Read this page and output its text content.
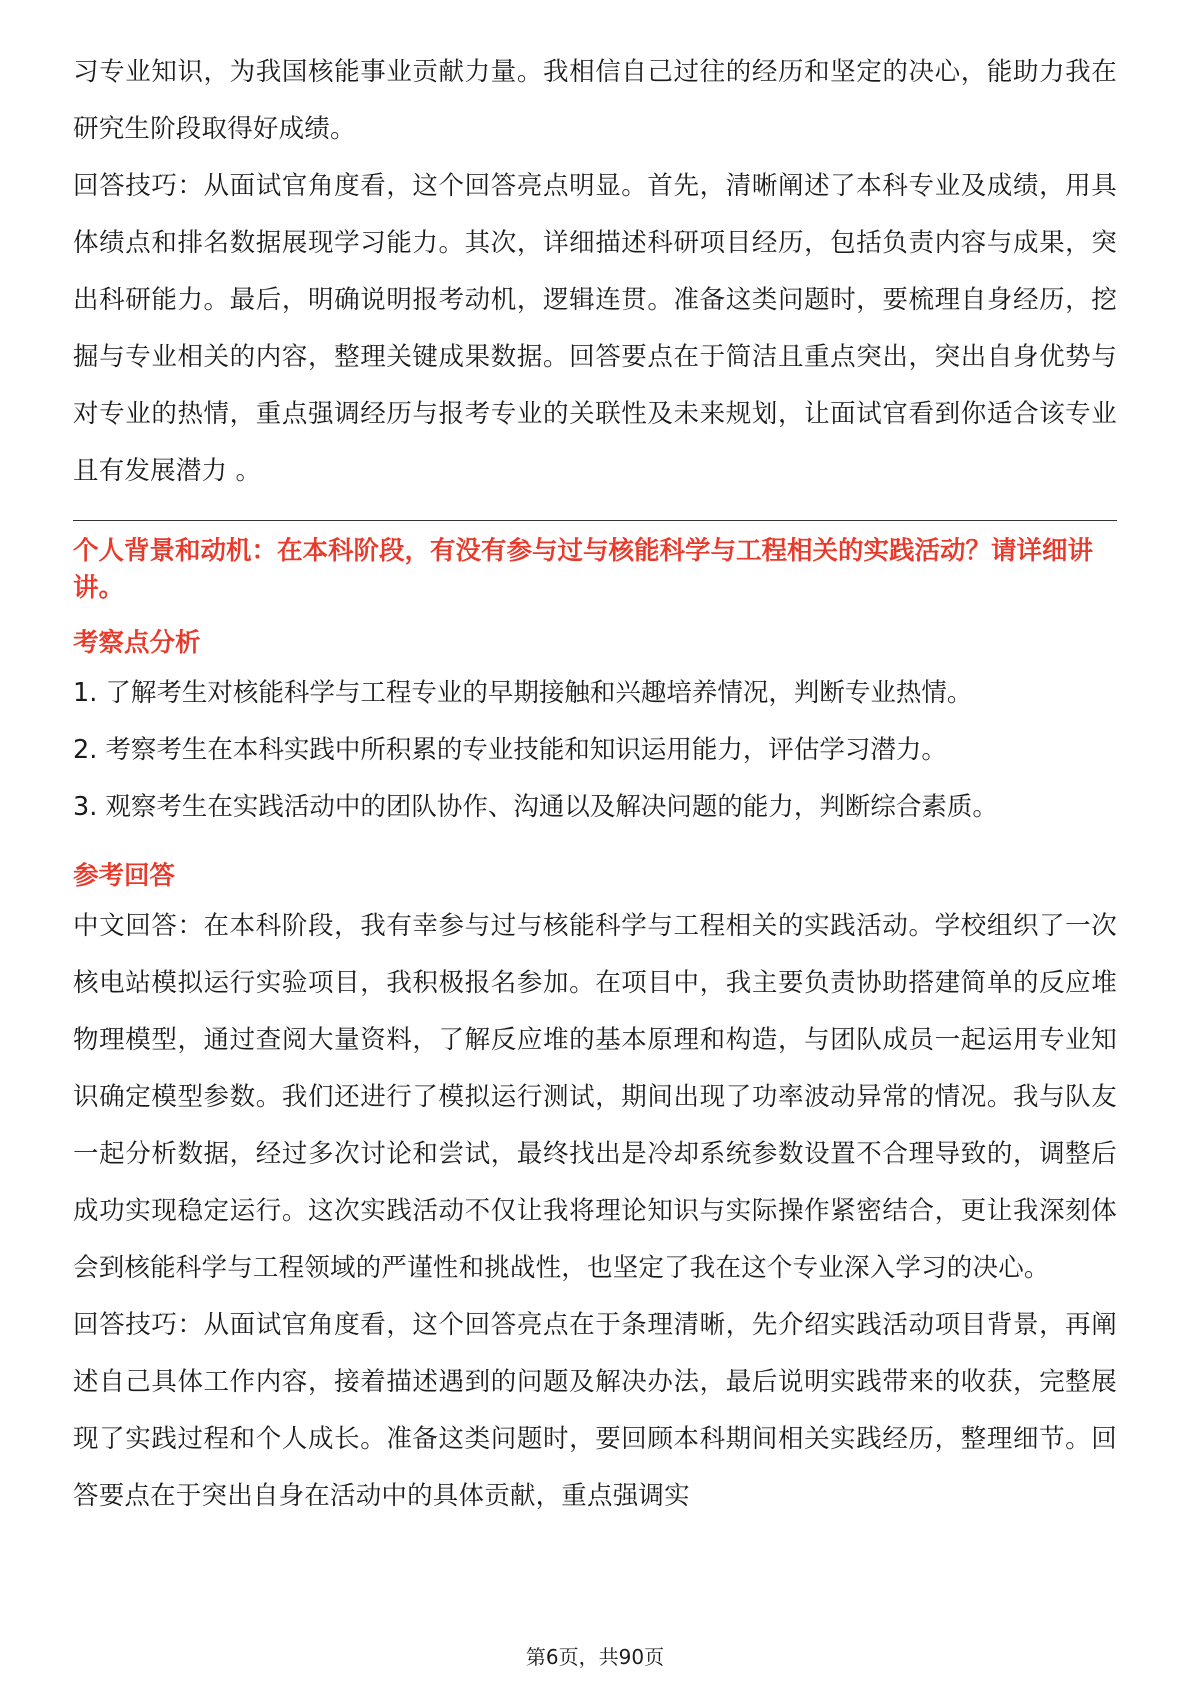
习专业知识，为我国核能事业贡献力量。我相信自己过往的经历和坚定的决心，能助力我在研究生阶段取得好成绩。

回答技巧：从面试官角度看，这个回答亮点明显。首先，清晰阐述了本科专业及成绩，用具体绩点和排名数据展现学习能力。其次，详细描述科研项目经历，包括负责内容与成果，突出科研能力。最后，明确说明报考动机，逻辑连贯。准备这类问题时，要梳理自身经历，挖掘与专业相关的内容，整理关键成果数据。回答要点在于简洁且重点突出，突出自身优势与对专业的热情，重点强调经历与报考专业的关联性及未来规划，让面试官看到你适合该专业且有发展潜力 。

个人背景和动机：在本科阶段，有没有参与过与核能科学与工程相关的实践活动？请详细讲讲。

考察点分析

1. 了解考生对核能科学与工程专业的早期接触和兴趣培养情况，判断专业热情。

2. 考察考生在本科实践中所积累的专业技能和知识运用能力，评估学习潜力。

3. 观察考生在实践活动中的团队协作、沟通以及解决问题的能力，判断综合素质。

参考回答

中文回答：在本科阶段，我有幸参与过与核能科学与工程相关的实践活动。学校组织了一次核电站模拟运行实验项目，我积极报名参加。在项目中，我主要负责协助搭建简单的反应堆物理模型，通过查阅大量资料，了解反应堆的基本原理和构造，与团队成员一起运用专业知识确定模型参数。我们还进行了模拟运行测试，期间出现了功率波动异常的情况。我与队友一起分析数据，经过多次讨论和尝试，最终找出是冷却系统参数设置不合理导致的，调整后成功实现稳定运行。这次实践活动不仅让我将理论知识与实际操作紧密结合，更让我深刻体会到核能科学与工程领域的严谨性和挑战性，也坚定了我在这个专业深入学习的决心。

回答技巧：从面试官角度看，这个回答亮点在于条理清晰，先介绍实践活动项目背景，再阐述自己具体工作内容，接着描述遇到的问题及解决办法，最后说明实践带来的收获，完整展现了实践过程和个人成长。准备这类问题时，要回顾本科期间相关实践经历，整理细节。回答要点在于突出自身在活动中的具体贡献，重点强调实

第6页，共90页
